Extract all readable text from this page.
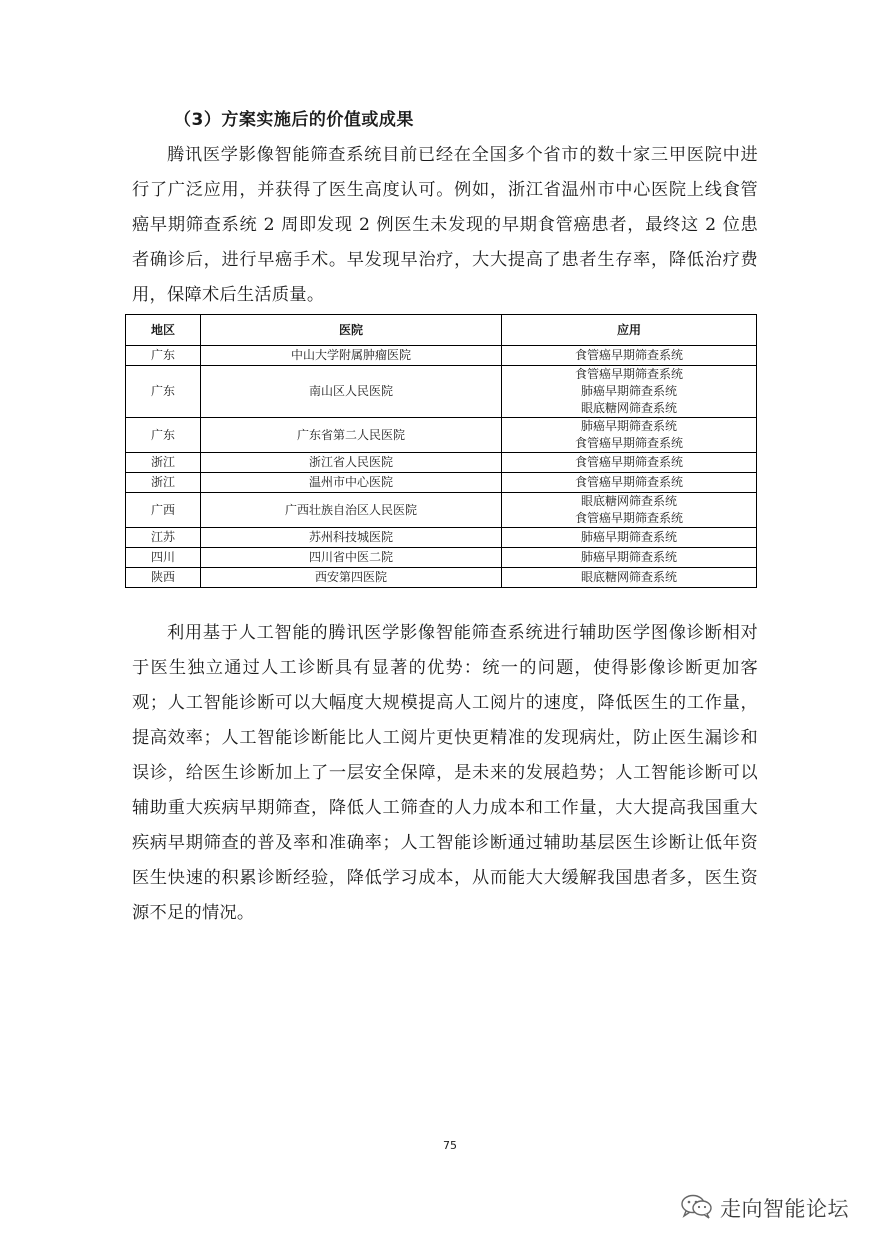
（3）方案实施后的价值或成果
腾讯医学影像智能筛查系统目前已经在全国多个省市的数十家三甲医院中进行了广泛应用，并获得了医生高度认可。例如，浙江省温州市中心医院上线食管癌早期筛查系统 2 周即发现 2 例医生未发现的早期食管癌患者，最终这 2 位患者确诊后，进行早癌手术。早发现早治疗，大大提高了患者生存率，降低治疗费用，保障术后生活质量。
地区	医院	应用
广东	中山大学附属肿瘤医院	食管癌早期筛查系统

广东	南山区人民医院	食管癌早期筛查系统
肺癌早期筛查系统
眼底糖网筛查系统

广东	广东省第二人民医院	肺癌早期筛查系统
食管癌早期筛查系统

浙江	浙江省人民医院	食管癌早期筛查系统

浙江	温州市中心医院	食管癌早期筛查系统

广西	广西壮族自治区人民医院	眼底糖网筛查系统
食管癌早期筛查系统

江苏	苏州科技城医院	肺癌早期筛查系统

四川	四川省中医二院	肺癌早期筛查系统

陕西	西安第四医院	眼底糖网筛查系统
利用基于人工智能的腾讯医学影像智能筛查系统进行辅助医学图像诊断相对于医生独立通过人工诊断具有显著的优势：统一的问题，使得影像诊断更加客观；人工智能诊断可以大幅度大规模提高人工阅片的速度，降低医生的工作量，提高效率；人工智能诊断能比人工阅片更快更精准的发现病灶，防止医生漏诊和误诊，给医生诊断加上了一层安全保障，是未来的发展趋势；人工智能诊断可以辅助重大疾病早期筛查，降低人工筛查的人力成本和工作量，大大提高我国重大疾病早期筛查的普及率和准确率；人工智能诊断通过辅助基层医生诊断让低年资医生快速的积累诊断经验，降低学习成本，从而能大大缓解我国患者多，医生资源不足的情况。
75
走向智能论坛
